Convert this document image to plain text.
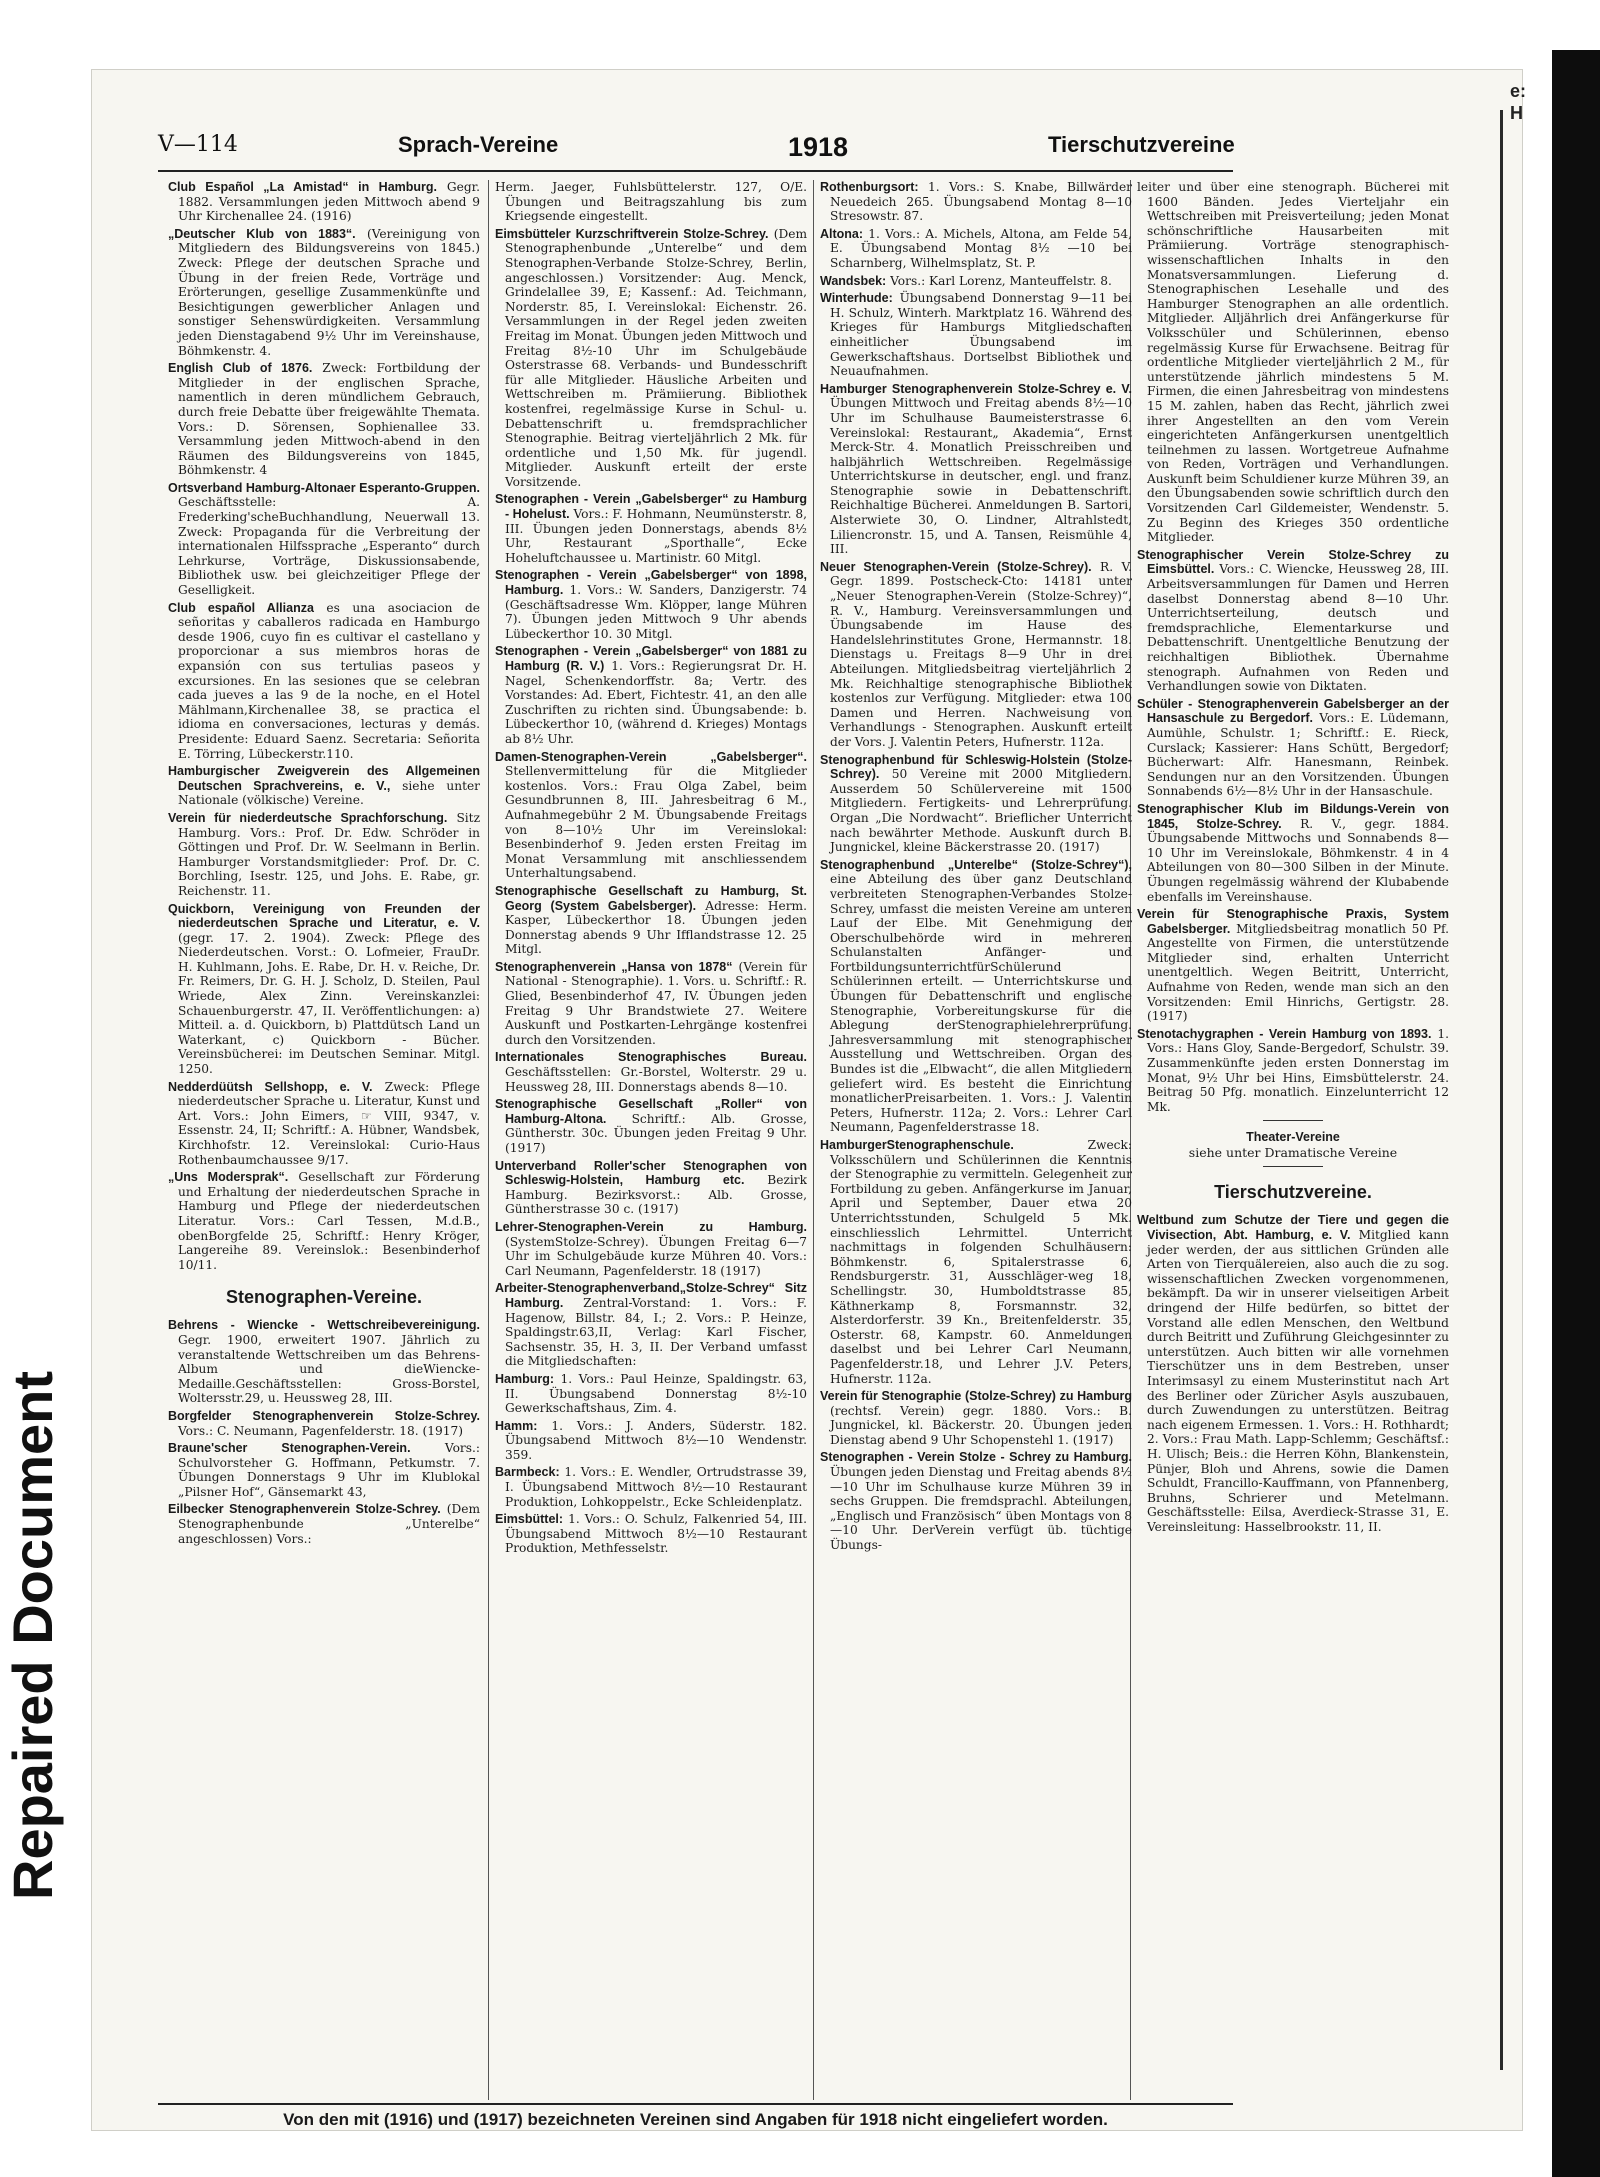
Repaired Document
e:
H
V—114	Sprach-Vereine	1918	Tierschutzvereine

Club Español „La Amistad“ in Hamburg. Gegr. 1882. Versammlungen jeden Mittwoch abend 9 Uhr Kirchenallee 24. (1916)

„Deutscher Klub von 1883“. (Vereinigung von Mitgliedern des Bildungsvereins von 1845.) Zweck: Pflege der deutschen Sprache und Übung in der freien Rede, Vorträge und Erörterungen, gesellige Zusammenkünfte und Besichtigungen gewerblicher Anlagen und sonstiger Sehenswürdigkeiten. Versammlung jeden Dienstagabend 9½ Uhr im Vereinshause, Böhmkenstr. 4.

English Club of 1876. Zweck: Fortbildung der Mitglieder in der englischen Sprache, namentlich in deren mündlichem Gebrauch, durch freie Debatte über freigewählte Themata. Vors.: D. Sörensen, Sophienallee 33. Versammlung jeden Mittwoch-abend in den Räumen des Bildungsvereins von 1845, Böhmkenstr. 4

Ortsverband Hamburg-Altonaer Esperanto-Gruppen. Geschäftsstelle: A. Frederking'scheBuchhandlung, Neuerwall 13. Zweck: Propaganda für die Verbreitung der internationalen Hilfssprache „Esperanto“ durch Lehrkurse, Vorträge, Diskussionsabende, Bibliothek usw. bei gleichzeitiger Pflege der Geselligkeit.

Club español Allianza es una asociacion de señoritas y caballeros radicada en Hamburgo desde 1906, cuyo fin es cultivar el castellano y proporcionar a sus miembros horas de expansión con sus tertulias paseos y excursiones. En las sesiones que se celebran cada jueves a las 9 de la noche, en el Hotel Mählmann,Kirchenallee 38, se practica el idioma en conversaciones, lecturas y demás. Presidente: Eduard Saenz. Secretaria: Señorita E. Törring, Lübeckerstr.110.

Hamburgischer Zweigverein des Allgemeinen Deutschen Sprachvereins, e. V., siehe unter Nationale (völkische) Vereine.

Verein für niederdeutsche Sprachforschung. Sitz Hamburg. Vors.: Prof. Dr. Edw. Schröder in Göttingen und Prof. Dr. W. Seelmann in Berlin. Hamburger Vorstandsmitglieder: Prof. Dr. C. Borchling, Isestr. 125, und Johs. E. Rabe, gr. Reichenstr. 11.

Quickborn, Vereinigung von Freunden der niederdeutschen Sprache und Literatur, e. V. (gegr. 17. 2. 1904). Zweck: Pflege des Niederdeutschen. Vorst.: O. Lofmeier, FrauDr. H. Kuhlmann, Johs. E. Rabe, Dr. H. v. Reiche, Dr. Fr. Reimers, Dr. G. H. J. Scholz, D. Steilen, Paul Wriede, Alex Zinn. Vereinskanzlei: Schauenburgerstr. 47, II. Veröffentlichungen: a) Mitteil. a. d. Quickborn, b) Plattdütsch Land un Waterkant, c) Quickborn - Bücher. Vereinsbücherei: im Deutschen Seminar. Mitgl. 1250.

Nedderdüütsh Sellshopp, e. V. Zweck: Pflege niederdeutscher Sprache u. Literatur, Kunst und Art. Vors.: John Eimers, ☞ VIII, 9347, v. Essenstr. 24, II; Schriftf.: A. Hübner, Wandsbek, Kirchhofstr. 12. Vereinslokal: Curio-Haus Rothenbaumchaussee 9/17.

„Uns Modersprak“. Gesellschaft zur Förderung und Erhaltung der niederdeutschen Sprache in Hamburg und Pflege der niederdeutschen Literatur. Vors.: Carl Tessen, M.d.B., obenBorgfelde 25, Schriftf.: Henry Kröger, Langereihe 89. Vereinslok.: Besenbinderhof 10/11.

Stenographen-Vereine.

Behrens - Wiencke - Wettschreibevereinigung. Gegr. 1900, erweitert 1907. Jährlich zu veranstaltende Wettschreiben um das Behrens-Album und dieWiencke-Medaille.Geschäftsstellen: Gross-Borstel, Woltersstr.29, u. Heussweg 28, III.

Borgfelder Stenographenverein Stolze-Schrey. Vors.: C. Neumann, Pagenfelderstr. 18. (1917)

Braune'scher Stenographen-Verein.	Vors.: Schulvorsteher G. Hoffmann, Petkumstr. 7. Übungen Donnerstags 9 Uhr im Klublokal „Pilsner Hof“, Gänsemarkt 43,

Eilbecker Stenographenverein Stolze-Schrey. (Dem Stenographenbunde „Unterelbe“ angeschlossen) Vors.:

Herm. Jaeger, Fuhlsbüttelerstr. 127, O/E. Übungen und Beitragszahlung bis zum Kriegsende eingestellt.

Eimsbütteler Kurzschriftverein Stolze-Schrey. (Dem Stenographenbunde „Unterelbe“ und dem Stenographen-Verbande Stolze-Schrey, Berlin, angeschlossen.) Vorsitzender: Aug. Menck, Grindelallee 39, E; Kassenf.: Ad. Teichmann, Norderstr. 85, I. Vereinslokal: Eichenstr. 26. Versammlungen in der Regel jeden zweiten Freitag im Monat. Übungen jeden Mittwoch und Freitag 8½-10 Uhr im Schulgebäude Osterstrasse 68. Verbands- und Bundesschrift für alle Mitglieder. Häusliche Arbeiten und Wettschreiben m. Prämiierung. Bibliothek kostenfrei, regelmässige Kurse in Schul- u. Debattenschrift u. fremdsprachlicher Stenographie. Beitrag vierteljährlich 2 Mk. für ordentliche und 1,50 Mk. für jugendl. Mitglieder. Auskunft erteilt der erste Vorsitzende.

Stenographen - Verein „Gabelsberger“ zu Hamburg - Hohelust. Vors.: F. Hohmann, Neumünsterstr. 8, III. Übungen jeden Donnerstags, abends 8½ Uhr, Restaurant „Sporthalle“, Ecke Hoheluftchaussee u. Martinistr. 60 Mitgl.

Stenographen - Verein „Gabelsberger“ von 1898, Hamburg. 1. Vors.: W. Sanders, Danzigerstr. 74 (Geschäftsadresse Wm. Klöpper, lange Mühren 7). Übungen jeden Mittwoch 9 Uhr abends Lübeckerthor 10. 30 Mitgl.

Stenographen - Verein „Gabelsberger“ von 1881 zu Hamburg (R. V.) 1. Vors.: Regierungsrat Dr. H. Nagel, Schenkendorffstr. 8a; Vertr. des Vorstandes: Ad. Ebert, Fichtestr. 41, an den alle Zuschriften zu richten sind. Übungsabende: b. Lübeckerthor 10, (während d. Krieges) Montags ab 8½ Uhr.

Damen-Stenographen-Verein „Gabelsberger“. Stellenvermittelung für die Mitglieder kostenlos. Vors.: Frau Olga Zabel, beim Gesundbrunnen 8, III. Jahresbeitrag 6 M., Aufnahmegebühr 2 M. Übungsabende Freitags von 8—10½ Uhr im Vereinslokal: Besenbinderhof 9. Jeden ersten Freitag im Monat Versammlung mit anschliessendem Unterhaltungsabend.

Stenographische Gesellschaft zu Hamburg, St. Georg (System Gabelsberger). Adresse: Herm. Kasper, Lübeckerthor 18. Übungen jeden Donnerstag abends 9 Uhr Ifflandstrasse 12. 25 Mitgl.

Stenographenverein „Hansa von 1878“ (Verein für National - Stenographie). 1. Vors. u. Schriftf.: R. Glied, Besenbinderhof 47, IV. Übungen jeden Freitag 9 Uhr Brandstwiete 27. Weitere Auskunft und Postkarten-Lehrgänge kostenfrei durch den Vorsitzenden.

Internationales Stenographisches Bureau. Geschäftsstellen: Gr.-Borstel, Wolterstr. 29 u. Heussweg 28, III. Donnerstags abends 8—10.

Stenographische Gesellschaft „Roller“ von Hamburg-Altona. Schriftf.: Alb. Grosse, Güntherstr. 30c. Übungen jeden Freitag 9 Uhr. (1917)

Unterverband Roller'scher Stenographen von Schleswig-Holstein, Hamburg etc. Bezirk Hamburg. Bezirksvorst.: Alb. Grosse, Güntherstrasse 30 c. (1917)

Lehrer-Stenographen-Verein zu Hamburg. (SystemStolze-Schrey). Übungen Freitag 6—7 Uhr im Schulgebäude kurze Mühren 40. Vors.: Carl Neumann, Pagenfelderstr. 18 (1917)

Arbeiter-Stenographenverband„Stolze-Schrey“ Sitz Hamburg. Zentral-Vorstand: 1. Vors.: F. Hagenow, Billstr. 84, I.; 2. Vors.: P. Heinze, Spaldingstr.63,II, Verlag: Karl Fischer, Sachsenstr. 35, H. 3, II. Der Verband umfasst die Mitgliedschaften:

Hamburg: 1. Vors.: Paul Heinze, Spaldingstr. 63, II. Übungsabend Donnerstag 8½-10 Gewerkschaftshaus, Zim. 4.

Hamm: 1. Vors.: J. Anders, Süderstr. 182. Übungsabend Mittwoch 8½—10 Wendenstr. 359.

Barmbeck: 1. Vors.: E. Wendler, Ortrudstrasse 39, I. Übungsabend Mittwoch 8½—10 Restaurant Produktion, Lohkoppelstr., Ecke Schleidenplatz.

Eimsbüttel: 1. Vors.: O. Schulz, Falkenried 54, III. Übungsabend Mittwoch 8½—10 Restaurant Produktion, Methfesselstr.

Rothenburgsort: 1. Vors.: S. Knabe, Billwärder Neuedeich 265. Übungsabend Montag 8—10 Stresowstr. 87.

Altona: 1. Vors.: A. Michels, Altona, am Felde 54, E. Übungsabend Montag 8½ —10 bei Scharnberg, Wilhelmsplatz, St. P.

Wandsbek: Vors.: Karl Lorenz, Manteuffelstr. 8.

Winterhude: Übungsabend Donnerstag 9—11 bei H. Schulz, Winterh. Marktplatz 16. Während des Krieges für Hamburgs Mitgliedschaften einheitlicher Übungsabend im Gewerkschaftshaus. Dortselbst Bibliothek und Neuaufnahmen.

Hamburger Stenographenverein Stolze-Schrey e. V. Übungen Mittwoch und Freitag abends 8½—10 Uhr im Schulhause Baumeisterstrasse 6. Vereinslokal: Restaurant„ Akademia“, Ernst Merck-Str. 4. Monatlich Preisschreiben und halbjährlich Wettschreiben. Regelmässige Unterrichtskurse in deutscher, engl. und franz. Stenographie sowie in Debattenschrift. Reichhaltige Bücherei. Anmeldungen B. Sartori, Alsterwiete 30, O. Lindner, Altrahlstedt, Liliencronstr. 15, und A. Tansen, Reismühle 4, III.

Neuer Stenographen-Verein (Stolze-Schrey). R. V. Gegr. 1899. Postscheck-Cto: 14181 unter „Neuer Stenographen-Verein (Stolze-Schrey)“, R. V., Hamburg. Vereinsversammlungen und Übungsabende im Hause des Handelslehrinstitutes Grone, Hermannstr. 18. Dienstags u. Freitags 8—9 Uhr in drei Abteilungen. Mitgliedsbeitrag vierteljährlich 2 Mk. Reichhaltige stenographische Bibliothek kostenlos zur Verfügung. Mitglieder: etwa 100 Damen und Herren. Nachweisung von Verhandlungs - Stenographen. Auskunft erteilt der Vors. J. Valentin Peters, Hufnerstr. 112a.

Stenographenbund für Schleswig-Holstein (Stolze-Schrey). 50 Vereine mit 2000 Mitgliedern. Ausserdem 50 Schülervereine mit 1500 Mitgliedern. Fertigkeits- und Lehrerprüfung. Organ „Die Nordwacht“. Brieflicher Unterricht nach bewährter Methode. Auskunft durch B. Jungnickel, kleine Bäckerstrasse 20. (1917)

Stenographenbund „Unterelbe“ (Stolze-Schrey“), eine Abteilung des über ganz Deutschland verbreiteten Stenographen-Verbandes Stolze-Schrey, umfasst die meisten Vereine am unteren Lauf der Elbe. Mit Genehmigung der Oberschulbehörde wird in mehreren Schulanstalten Anfänger- und FortbildungsunterrichtfürSchülerund Schülerinnen erteilt. — Unterrichtskurse und Übungen für Debattenschrift und englische Stenographie, Vorbereitungskurse für die Ablegung derStenographielehrerprüfung. Jahresversammlung mit stenographischer Ausstellung und Wettschreiben. Organ des Bundes ist die „Elbwacht“, die allen Mitgliedern geliefert wird. Es besteht die Einrichtung monatlicherPreisarbeiten. 1. Vors.: J. Valentin Peters, Hufnerstr. 112a; 2. Vors.: Lehrer Carl Neumann, Pagenfelderstrasse 18.

HamburgerStenographenschule.	Zweck: Volksschülern und Schülerinnen die Kenntnis der Stenographie zu vermitteln. Gelegenheit zur Fortbildung zu geben. Anfängerkurse im Januar, April und September, Dauer etwa 20 Unterrichtsstunden, Schulgeld 5 Mk. einschliesslich Lehrmittel. Unterricht nachmittags in folgenden Schulhäusern: Böhmkenstr. 6, Spitalerstrasse 6, Rendsburgerstr. 31, Ausschläger-weg 18, Schellingstr. 30, Humboldtstrasse 85, Käthnerkamp 8, Forsmannstr. 32, Alsterdorferstr. 39 Kn., Breitenfelderstr. 35, Osterstr. 68, Kampstr. 60. Anmeldungen daselbst und bei Lehrer Carl Neumann, Pagenfelderstr.18, und Lehrer J.V. Peters, Hufnerstr. 112a.

Verein für Stenographie (Stolze-Schrey) zu Hamburg (rechtsf. Verein) gegr. 1880. Vors.: B. Jungnickel, kl. Bäckerstr. 20. Übungen jeden Dienstag abend 9 Uhr Schopenstehl 1. (1917)

Stenographen - Verein Stolze - Schrey zu Hamburg. Übungen jeden Dienstag und Freitag abends 8½—10 Uhr im Schulhause kurze Mühren 39 in sechs Gruppen. Die fremdsprachl. Abteilungen, „Englisch und Französisch“ üben Montags von 8—10 Uhr. DerVerein verfügt üb. tüchtige Übungs-

leiter und über eine stenograph. Bücherei mit 1600 Bänden. Jedes Vierteljahr ein Wettschreiben mit Preisverteilung; jeden Monat schönschriftliche Hausarbeiten mit Prämiierung. Vorträge stenographisch-wissenschaftlichen Inhalts in den Monatsversammlungen. Lieferung d. Stenographischen Lesehalle und des Hamburger Stenographen an alle ordentlich. Mitglieder. Alljährlich drei Anfängerkurse für Volksschüler und Schülerinnen, ebenso regelmässig Kurse für Erwachsene. Beitrag für ordentliche Mitglieder vierteljährlich 2 M., für unterstützende jährlich mindestens 5 M. Firmen, die einen Jahresbeitrag von mindestens 15 M. zahlen, haben das Recht, jährlich zwei ihrer Angestellten an den vom Verein eingerichteten Anfängerkursen unentgeltlich teilnehmen zu lassen. Wortgetreue Aufnahme von Reden, Vorträgen und Verhandlungen. Auskunft beim Schuldiener kurze Mühren 39, an den Übungsabenden sowie schriftlich durch den Vorsitzenden Carl Gildemeister, Wendenstr. 5. Zu Beginn des Krieges 350 ordentliche Mitglieder.

Stenographischer Verein Stolze-Schrey zu Eimsbüttel. Vors.: C. Wiencke, Heussweg 28, III. Arbeitsversammlungen für Damen und Herren daselbst Donnerstag abend 8—10 Uhr. Unterrichtserteilung, deutsch und fremdsprachliche, Elementarkurse und Debattenschrift. Unentgeltliche Benutzung der reichhaltigen Bibliothek. Übernahme stenograph. Aufnahmen von Reden und Verhandlungen sowie von Diktaten.

Schüler - Stenographenverein Gabelsberger an der Hansaschule zu Bergedorf. Vors.: E. Lüdemann, Aumühle, Schulstr. 1; Schriftf.: E. Rieck, Curslack; Kassierer: Hans Schütt, Bergedorf; Bücherwart: Alfr. Hanesmann, Reinbek. Sendungen nur an den Vorsitzenden. Übungen Sonnabends 6½—8½ Uhr in der Hansaschule.

Stenographischer Klub im Bildungs-Verein von 1845, Stolze-Schrey. R. V., gegr. 1884. Übungsabende Mittwochs und Sonnabends 8—10 Uhr im Vereinslokale, Böhmkenstr. 4 in 4 Abteilungen von 80—300 Silben in der Minute. Übungen regelmässig während der Klubabende ebenfalls im Vereinshause.

Verein für Stenographische Praxis, System Gabelsberger. Mitgliedsbeitrag monatlich 50 Pf. Angestellte von Firmen, die unterstützende Mitglieder sind, erhalten Unterricht unentgeltlich. Wegen Beitritt, Unterricht, Aufnahme von Reden, wende man sich an den Vorsitzenden: Emil Hinrichs, Gertigstr. 28. (1917)

Stenotachygraphen - Verein Hamburg von 1893. 1. Vors.: Hans Gloy, Sande-Bergedorf, Schulstr. 39. Zusammenkünfte jeden ersten Donnerstag im Monat, 9½ Uhr bei Hins, Eimsbüttelerstr. 24. Beitrag 50 Pfg. monatlich. Einzelunterricht 12 Mk.

Theater-Vereine
siehe unter Dramatische Vereine
Tierschutzvereine.

Weltbund zum Schutze der Tiere und gegen die Vivisection, Abt. Hamburg, e. V. Mitglied kann jeder werden, der aus sittlichen Gründen alle Arten von Tierquälereien, also auch die zu sog. wissenschaftlichen Zwecken vorgenommenen, bekämpft. Da wir in unserer vielseitigen Arbeit dringend der Hilfe bedürfen, so bittet der Vorstand alle edlen Menschen, den Weltbund durch Beitritt und Zuführung Gleichgesinnter zu unterstützen. Auch bitten wir alle vornehmen Tierschützer uns in dem Bestreben, unser Interimsasyl zu einem Musterinstitut nach Art des Berliner oder Züricher Asyls auszubauen, durch Zuwendungen zu unterstützen. Beitrag nach eigenem Ermessen. 1. Vors.: H. Rothhardt; 2. Vors.: Frau Math. Lapp-Schlemm; Geschäftsf.: H. Ulisch; Beis.: die Herren Köhn, Blankenstein, Pünjer, Bloh und Ahrens, sowie die Damen Schuldt, Francillo-Kauffmann, von Pfannenberg, Bruhns, Schrierer und Metelmann. Geschäftsstelle: Eilsa, Averdieck-Strasse 31, E. Vereinsleitung: Hasselbrookstr. 11, II.

Von den mit (1916) und (1917) bezeichneten Vereinen sind Angaben für 1918 nicht eingeliefert worden.
